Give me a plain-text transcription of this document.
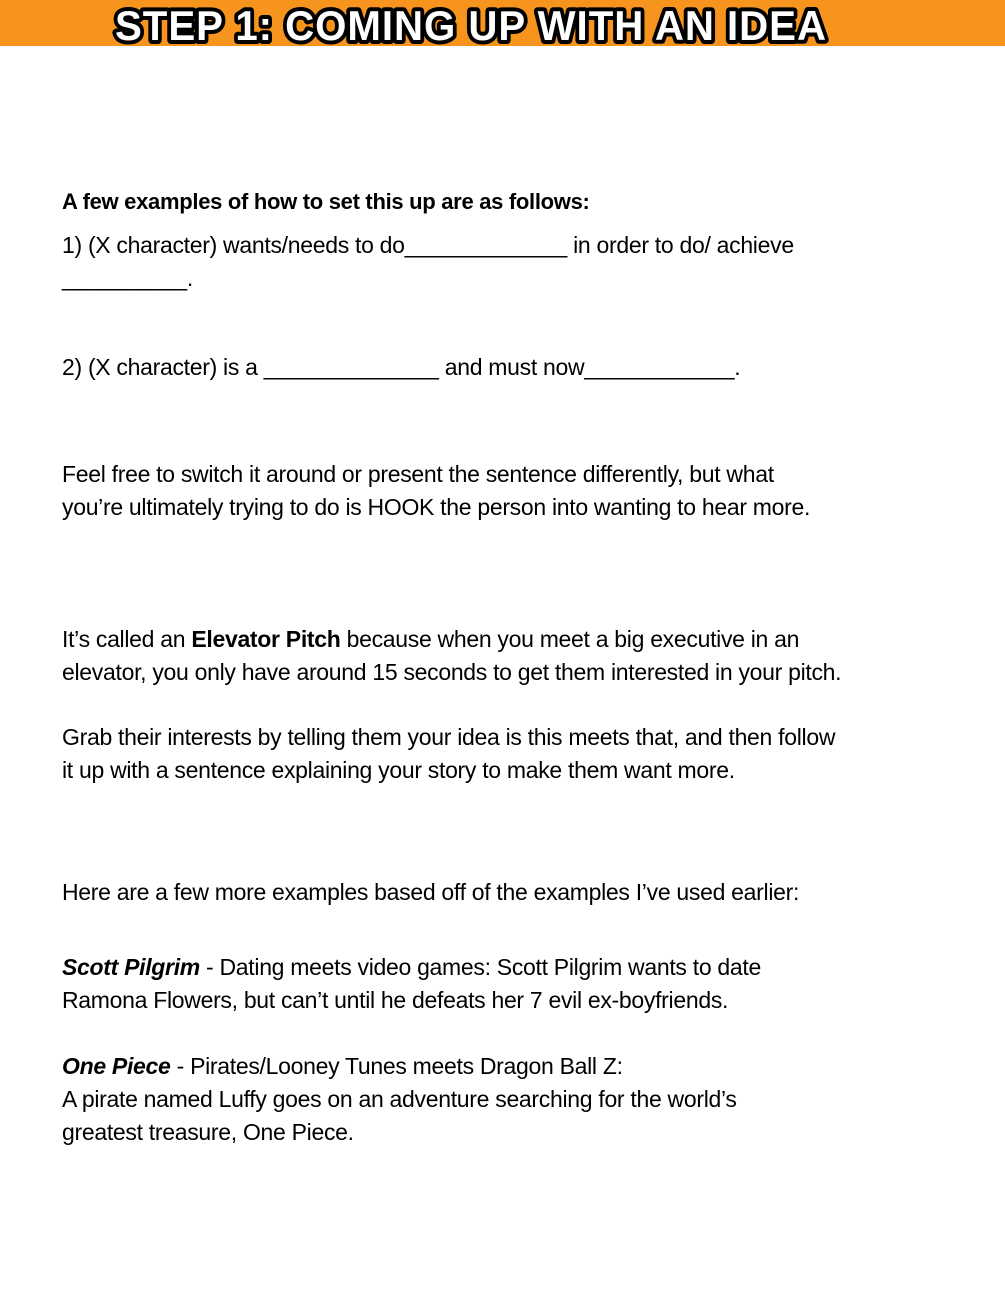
STEP 1: COMING UP WITH AN IDEA

A few examples of how to set this up are as follows:

1) (X character) wants/needs to do_____________ in order to do/ achieve
__________.

2) (X character) is a ______________ and must now____________.

Feel free to switch it around or present the sentence differently, but what
you’re ultimately trying to do is HOOK the person into wanting to hear more.
It’s called an Elevator Pitch because when you meet a big executive in an
elevator, you only have around 15 seconds to get them interested in your pitch.
Grab their interests by telling them your idea is this meets that, and then follow
it up with a sentence explaining your story to make them want more.

Here are a few more examples based off of the examples I’ve used earlier:

Scott Pilgrim - Dating meets video games: Scott Pilgrim wants to date
Ramona Flowers, but can’t until he defeats her 7 evil ex-boyfriends.
One Piece - Pirates/Looney Tunes meets Dragon Ball Z:
A pirate named Luffy goes on an adventure searching for the world’s
greatest treasure, One Piece.
